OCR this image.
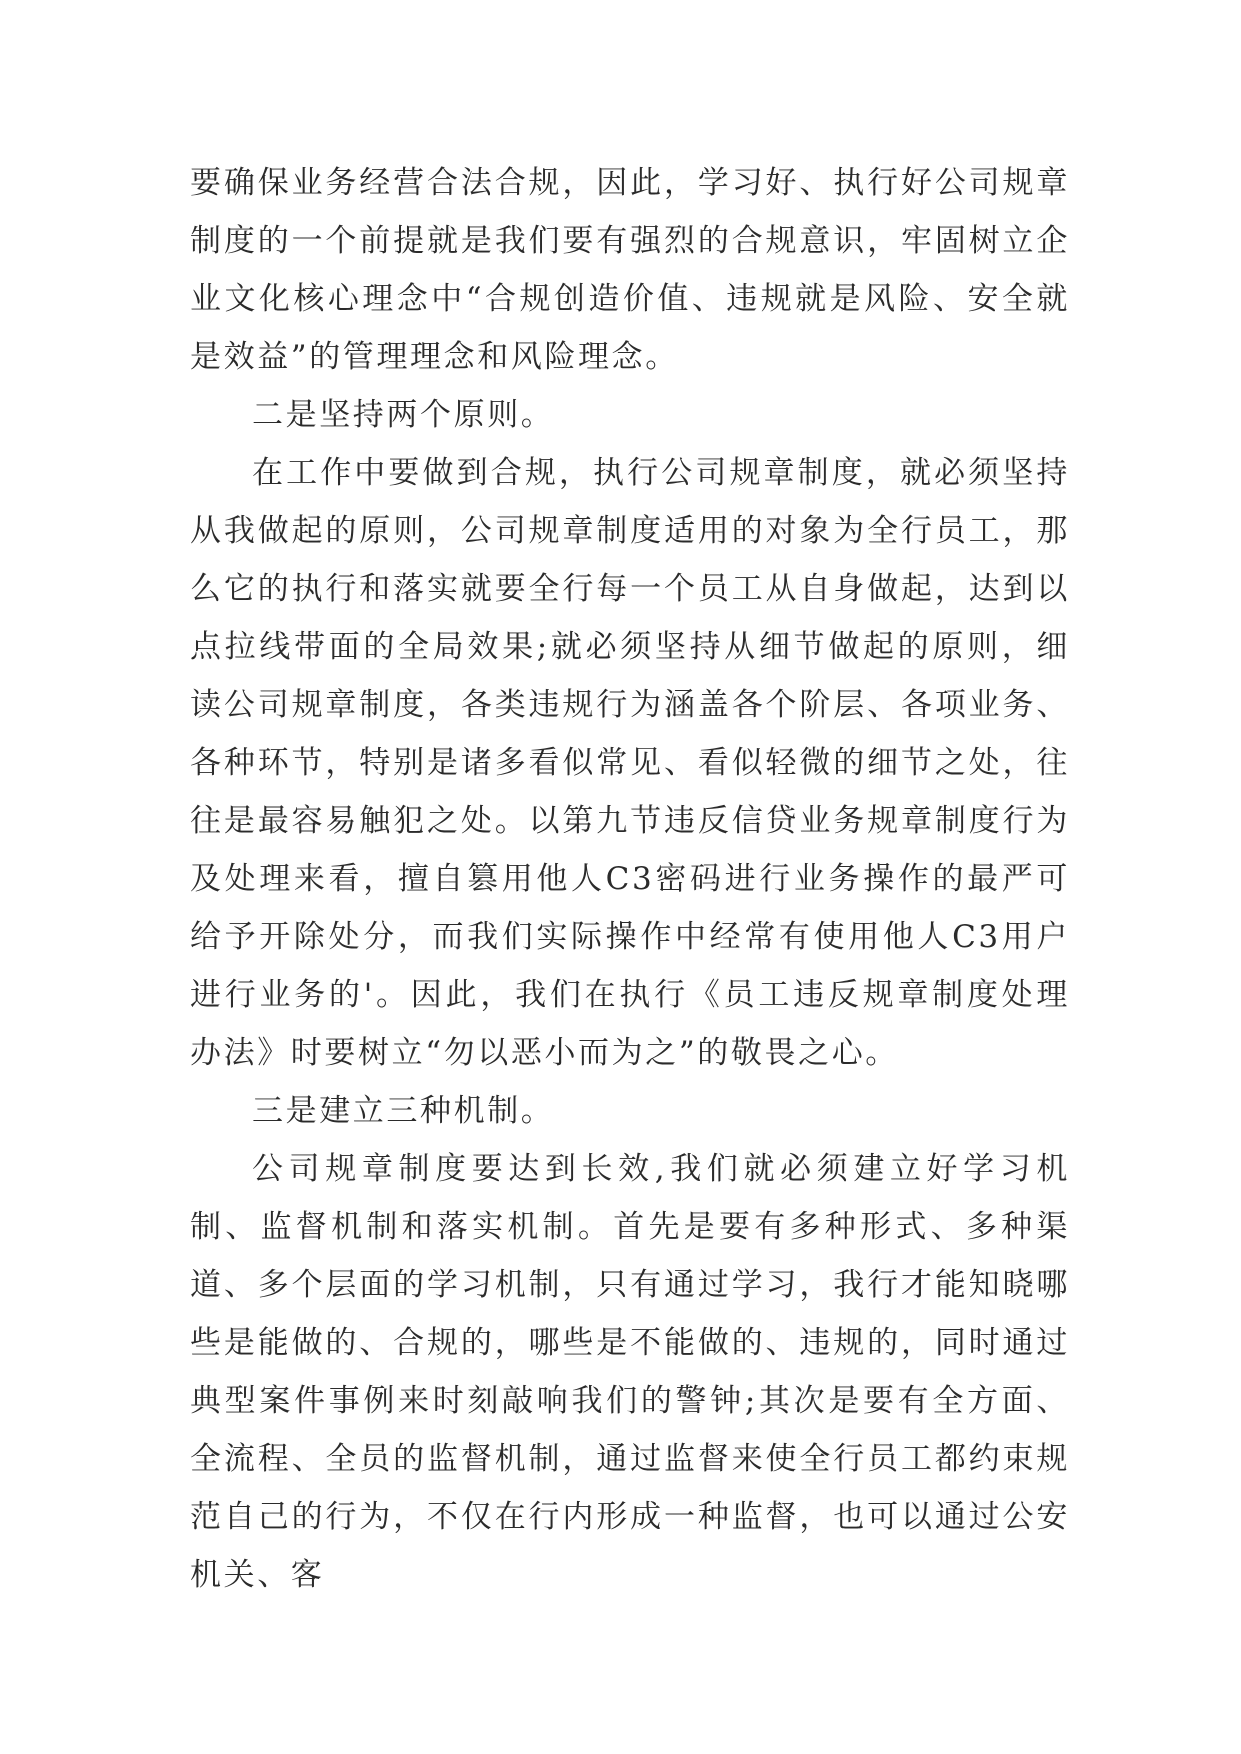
要确保业务经营合法合规，因此，学习好、执行好公司规章制度的一个前提就是我们要有强烈的合规意识，牢固树立企业文化核心理念中“合规创造价值、违规就是风险、安全就是效益”的管理理念和风险理念。

二是坚持两个原则。

在工作中要做到合规，执行公司规章制度，就必须坚持从我做起的原则，公司规章制度适用的对象为全行员工，那么它的执行和落实就要全行每一个员工从自身做起，达到以点拉线带面的全局效果;就必须坚持从细节做起的原则，细读公司规章制度，各类违规行为涵盖各个阶层、各项业务、各种环节，特别是诸多看似常见、看似轻微的细节之处，往往是最容易触犯之处。以第九节违反信贷业务规章制度行为及处理来看，擅自篡用他人C3密码进行业务操作的最严可给予开除处分，而我们实际操作中经常有使用他人C3用户进行业务的'。因此，我们在执行《员工违反规章制度处理办法》时要树立“勿以恶小而为之”的敬畏之心。

三是建立三种机制。

公司规章制度要达到长效,我们就必须建立好学习机制、监督机制和落实机制。首先是要有多种形式、多种渠道、多个层面的学习机制，只有通过学习，我行才能知晓哪些是能做的、合规的，哪些是不能做的、违规的，同时通过典型案件事例来时刻敲响我们的警钟;其次是要有全方面、全流程、全员的监督机制，通过监督来使全行员工都约束规范自己的行为，不仅在行内形成一种监督，也可以通过公安机关、客
